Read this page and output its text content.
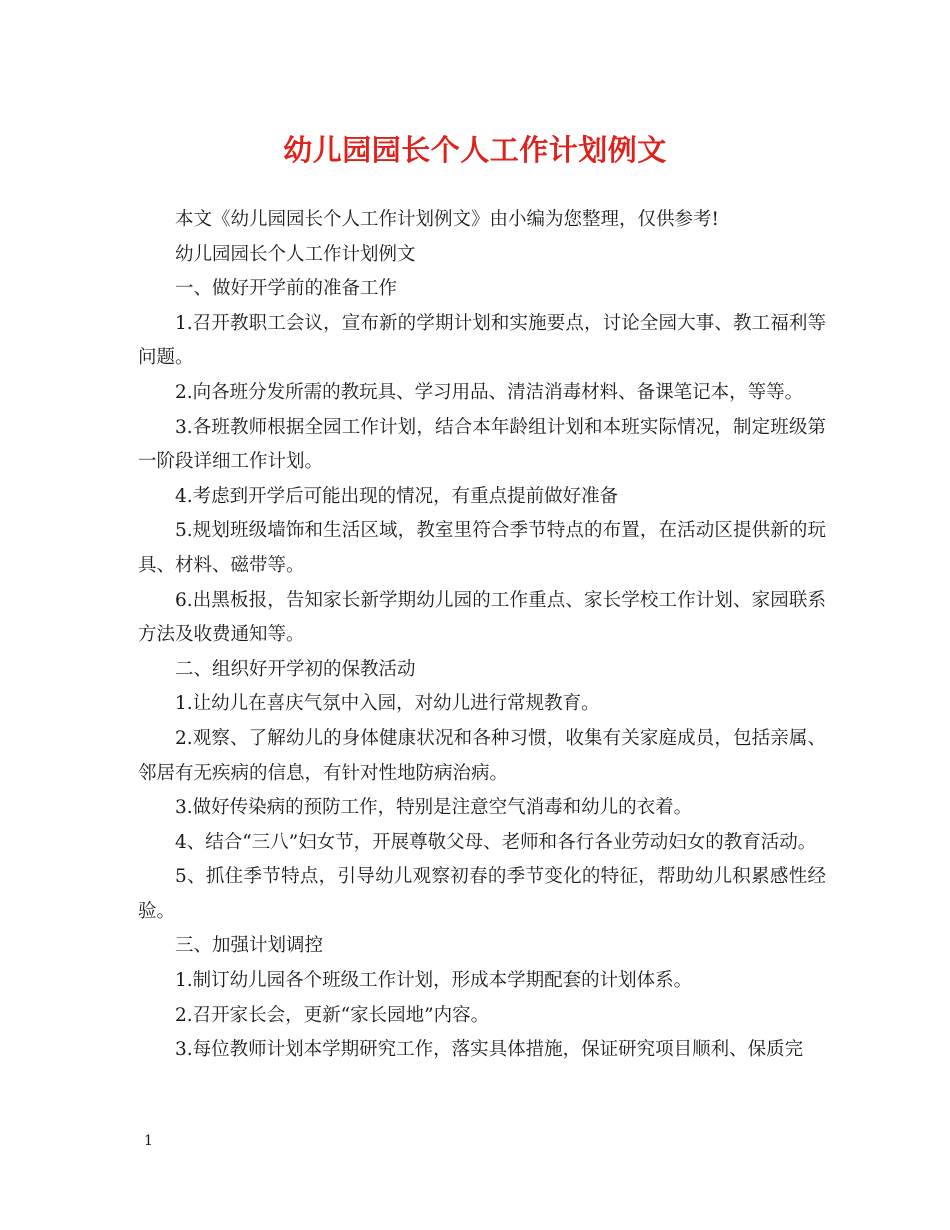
幼儿园园长个人工作计划例文

本文《幼儿园园长个人工作计划例文》由小编为您整理，仅供参考!

幼儿园园长个人工作计划例文

一、做好开学前的准备工作

1.召开教职工会议，宣布新的学期计划和实施要点，讨论全园大事、教工福利等问题。

2.向各班分发所需的教玩具、学习用品、清洁消毒材料、备课笔记本，等等。

3.各班教师根据全园工作计划，结合本年龄组计划和本班实际情况，制定班级第一阶段详细工作计划。

4.考虑到开学后可能出现的情况，有重点提前做好准备

5.规划班级墙饰和生活区域，教室里符合季节特点的布置，在活动区提供新的玩具、材料、磁带等。

6.出黑板报，告知家长新学期幼儿园的工作重点、家长学校工作计划、家园联系方法及收费通知等。

二、组织好开学初的保教活动

1.让幼儿在喜庆气氛中入园，对幼儿进行常规教育。

2.观察、了解幼儿的身体健康状况和各种习惯，收集有关家庭成员，包括亲属、邻居有无疾病的信息，有针对性地防病治病。

3.做好传染病的预防工作，特别是注意空气消毒和幼儿的衣着。

4、结合“三八”妇女节，开展尊敬父母、老师和各行各业劳动妇女的教育活动。

5、抓住季节特点，引导幼儿观察初春的季节变化的特征，帮助幼儿积累感性经验。

三、加强计划调控

1.制订幼儿园各个班级工作计划，形成本学期配套的计划体系。

2.召开家长会，更新“家长园地”内容。

3.每位教师计划本学期研究工作，落实具体措施，保证研究项目顺利、保质完

1
